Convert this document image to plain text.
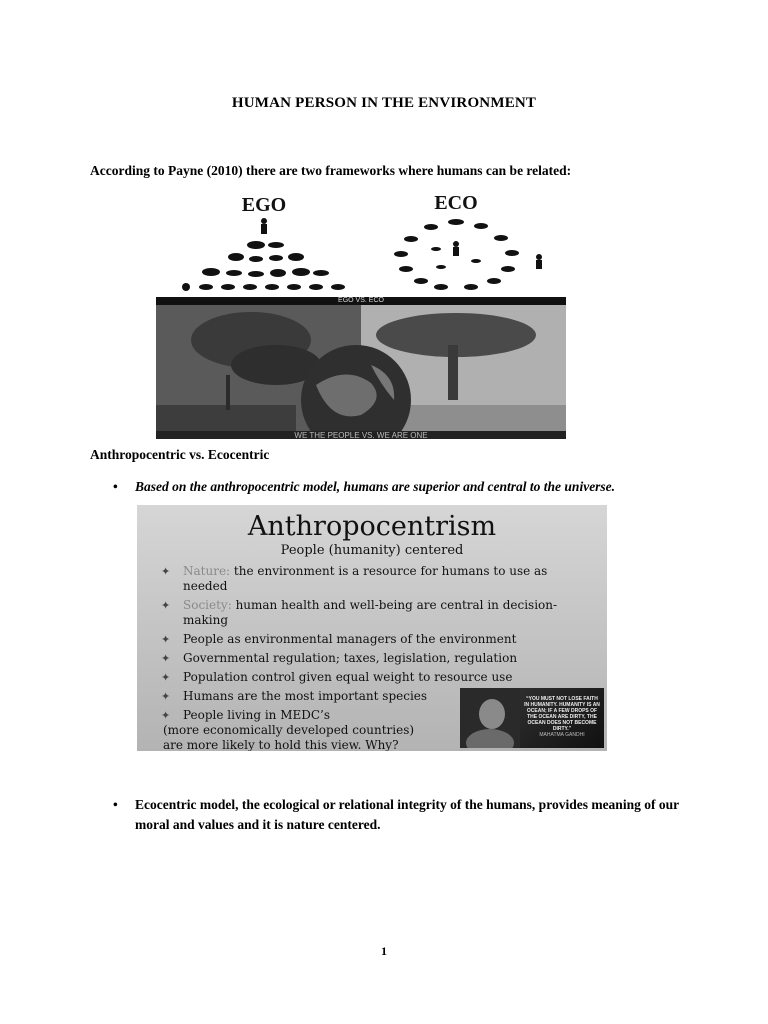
HUMAN PERSON IN THE ENVIRONMENT
According to Payne (2010) there are two frameworks where humans can be related:
EGO	ECO
EGO VS. ECO
WE THE PEOPLE VS. WE ARE ONE
Anthropocentric vs. Ecocentric
• Based on the anthropocentric model, humans are superior and central to the universe.
Anthropocentrism
People (humanity) centered
✦ Nature: the environment is a resource for humans to use as
needed
✦ Society: human health and well-being are central in decision-
making
✦ People as environmental managers of the environment
✦ Governmental regulation; taxes, legislation, regulation
✦ Population control given equal weight to resource use
✦ Humans are the most important species
✦ People living in MEDC’s
(more economically developed countries)
are more likely to hold this view. Why?
“YOU MUST NOT LOSE FAITH IN HUMANITY. HUMANITY IS AN OCEAN; IF A FEW DROPS OF THE OCEAN ARE DIRTY, THE OCEAN DOES NOT BECOME DIRTY.”
MAHATMA GANDHI
• Ecocentric model, the ecological or relational integrity of the humans, provides meaning of our moral and values and it is nature centered.
1
